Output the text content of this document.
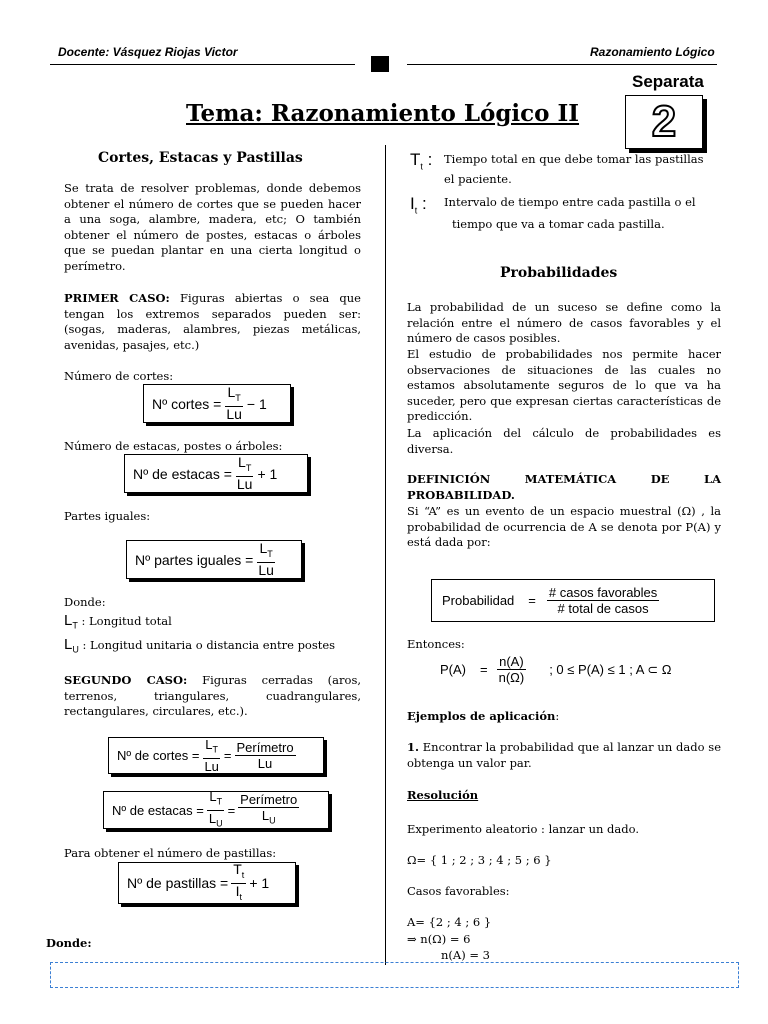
Docente: Vásquez Riojas Victor	Razonamiento Lógico
Separata
2
Tema: Razonamiento Lógico II
Cortes, Estacas y Pastillas
Se trata de resolver problemas, donde debemos obtener el número de cortes que se pueden hacer a una soga, alambre, madera, etc; O también obtener el número de postes, estacas o árboles que se puedan plantar en una cierta longitud o perímetro.
PRIMER CASO: Figuras abiertas o sea que tengan los extremos separados pueden ser: (sogas, maderas, alambres, piezas metálicas, avenidas, pasajes, etc.)
Número de cortes:
Nº cortes = $\frac{L_T}{Lu} - 1$
Número de estacas, postes o árboles:
Nº de estacas = $\frac{L_T}{Lu} + 1$
Partes iguales:
Nº partes iguales = $\frac{L_T}{Lu}$
Donde:
$L_T$ : Longitud total
$L_U$ : Longitud unitaria o distancia entre postes
SEGUNDO CASO: Figuras cerradas (aros, terrenos, triangulares, cuadrangulares, rectangulares, circulares, etc.).
Nº de cortes = $\frac{L_T}{Lu} = \frac{\text{Perímetro}}{Lu}$
Nº de estacas = $\frac{L_T}{L_U} = \frac{\text{Perímetro}}{L_U}$
Para obtener el número de pastillas:
Nº de pastillas = $\frac{T_t}{I_t} + 1$
Donde:
$T_t$ : Tiempo total en que debe tomar las pastillas
el paciente.
$I_t$ : Intervalo de tiempo entre cada pastilla o el
tiempo que va a tomar cada pastilla.
Probabilidades
La probabilidad de un suceso se define como la relación entre el número de casos favorables y el número de casos posibles.
El estudio de probabilidades nos permite hacer observaciones de situaciones de las cuales no estamos absolutamente seguros de lo que va ha suceder, pero que expresan ciertas características de predicción.
La aplicación del cálculo de probabilidades es diversa.
DEFINICIÓN	MATEMÁTICA	DE	LA
PROBABILIDAD.
Si “A” es un evento de un espacio muestral (Ω) , la probabilidad de ocurrencia de A se denota por P(A) y está dada por:
Probabilidad = $\frac{\text{\# casos favorables}}{\text{\# total de casos}}$
Entonces:
$P(A) = \frac{n(A)}{n(\Omega)}$ ; 0 ≤ P(A) ≤ 1 ; A ⊂ Ω
Ejemplos de aplicación:
1. Encontrar la probabilidad que al lanzar un dado se obtenga un valor par.
Resolución
Experimento aleatorio : lanzar un dado.
Ω= { 1 ; 2 ; 3 ; 4 ; 5 ; 6 }
Casos favorables:
A= {2 ; 4 ; 6 }
⇒ n(Ω) = 6
n(A) = 3
